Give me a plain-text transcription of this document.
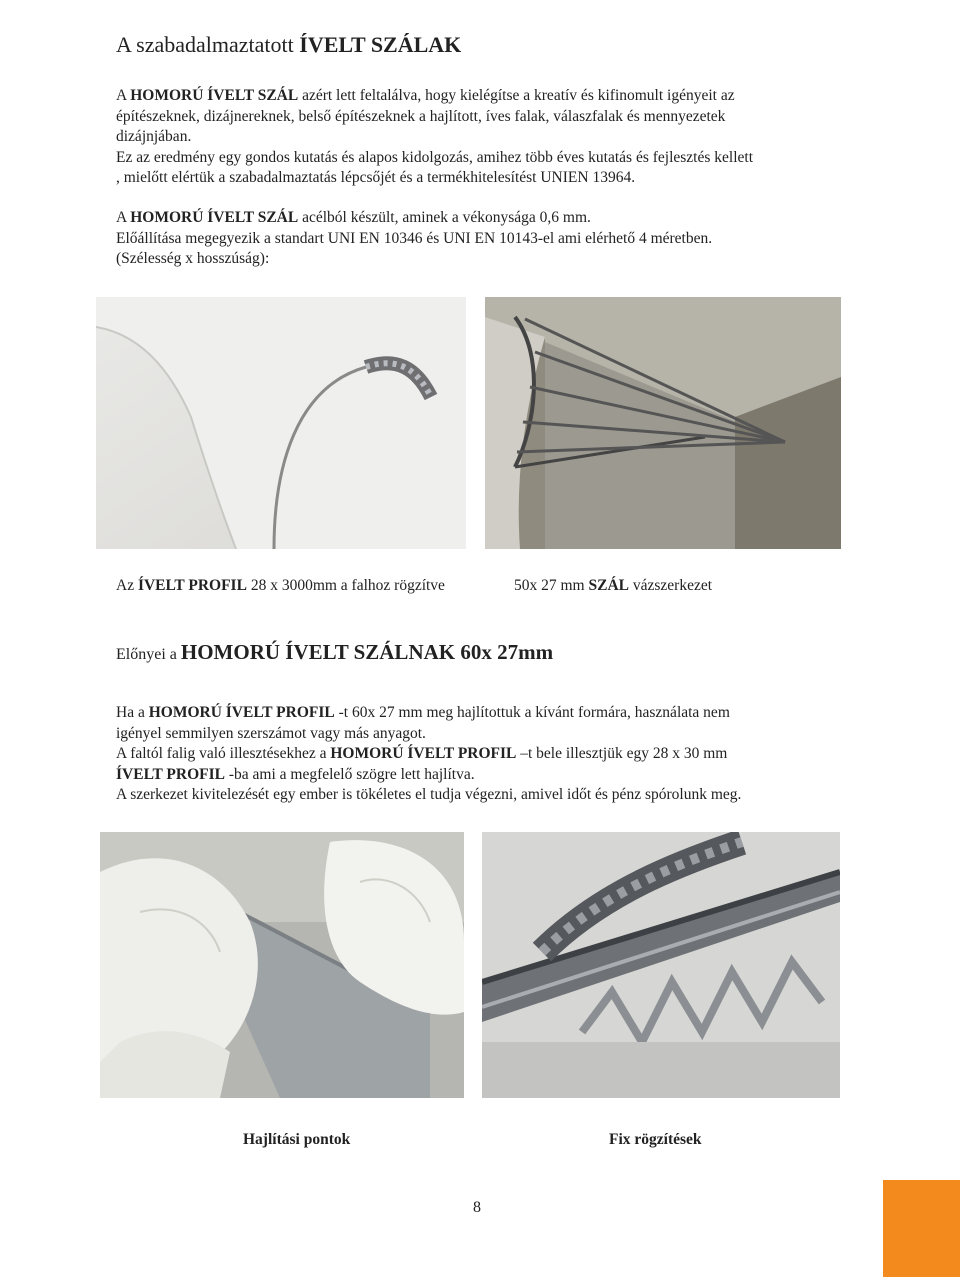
A szabadalmaztatott ÍVELT SZÁLAK
A HOMORÚ ÍVELT SZÁL azért lett feltalálva, hogy kielégítse a kreatív és kifinomult igényeit az
építészeknek, dizájnereknek, belső építészeknek a hajlított, íves falak, válaszfalak és mennyezetek
dizájnjában.
Ez az eredmény egy gondos kutatás és alapos kidolgozás, amihez több éves kutatás és fejlesztés kellett
, mielőtt elértük a szabadalmaztatás lépcsőjét és a termékhitelesítést UNIEN 13964.
A HOMORÚ ÍVELT SZÁL acélból készült, aminek a vékonysága 0,6 mm.
Előállítása megegyezik a standart UNI EN 10346 és UNI EN 10143-el ami elérhető 4 méretben.
(Szélesség x hosszúság):
Az ÍVELT PROFIL 28 x 3000mm a falhoz rögzítve	50x 27 mm SZÁL vázszerkezet
Előnyei a HOMORÚ ÍVELT SZÁLNAK 60x 27mm
Ha a HOMORÚ ÍVELT PROFIL -t 60x 27 mm meg hajlítottuk a kívánt formára, használata nem
igényel semmilyen szerszámot vagy más anyagot.
A faltól falig való illesztésekhez a HOMORÚ ÍVELT PROFIL –t bele illesztjük egy 28 x 30 mm
ÍVELT PROFIL -ba ami a megfelelő szögre lett hajlítva.
A szerkezet kivitelezését egy ember is tökéletes el tudja végezni, amivel időt és pénz spórolunk meg.
Hajlítási pontok	Fix rögzítések
8
